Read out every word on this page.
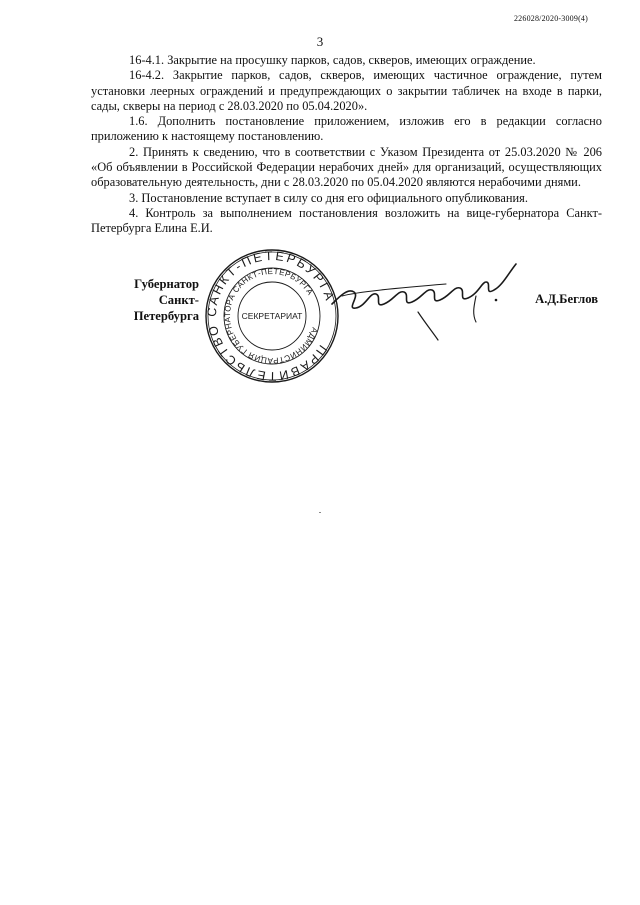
226028/2020-3009(4)
3

16-4.1. Закрытие на просушку парков, садов, скверов, имеющих ограждение.

16-4.2. Закрытие парков, садов, скверов, имеющих частичное ограждение, путем установки леерных ограждений и предупреждающих о закрытии табличек на входе в парки, сады, скверы на период с 28.03.2020 по 05.04.2020».

1.6. Дополнить постановление приложением, изложив его в редакции согласно приложению к настоящему постановлению.

2. Принять к сведению, что в соответствии с Указом Президента от 25.03.2020 № 206 «Об объявлении в Российской Федерации нерабочих дней» для организаций, осуществляющих образовательную деятельность, дни с 28.03.2020 по 05.04.2020 являются нерабочими днями.

3. Постановление вступает в силу со дня его официального опубликования.

4. Контроль за выполнением постановления возложить на вице-губернатора Санкт-Петербурга Елина Е.И.

Губернатор
Санкт-Петербурга
ПРАВИТЕЛЬСТВО САНКТ-ПЕТЕРБУРГА
АДМИНИСТРАЦИЯ ГУБЕРНАТОРА САНКТ-ПЕТЕРБУРГА
СЕКРЕТАРИАТ
А.Д.Беглов
